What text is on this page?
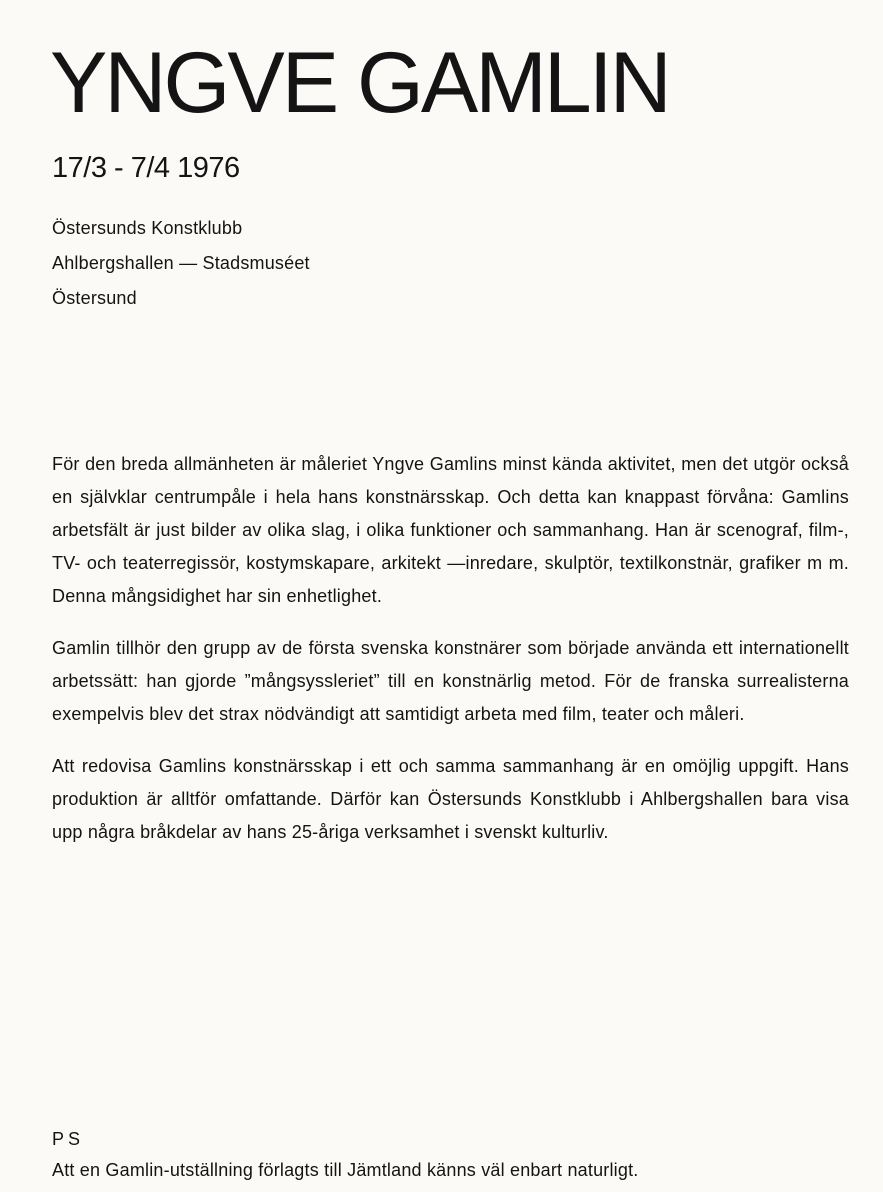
YNGVE GAMLIN
17/3 - 7/4 1976
Östersunds Konstklubb
Ahlbergshallen — Stadsmuséet
Östersund

För den breda allmänheten är måleriet Yngve Gamlins minst kända aktivitet, men det utgör också en självklar centrumpåle i hela hans konstnärsskap. Och detta kan knappast förvåna: Gamlins arbetsfält är just bilder av olika slag, i olika funktioner och sammanhang. Han är scenograf, film-, TV- och teaterregissör, kostymskapare, arkitekt —inredare, skulptör, textilkonstnär, grafiker m m. Denna mångsidighet har sin enhetlighet.

Gamlin tillhör den grupp av de första svenska konstnärer som började använda ett internationellt arbetssätt: han gjorde ”mångsyssleriet” till en konstnärlig metod. För de franska surrealisterna exempelvis blev det strax nödvändigt att samtidigt arbeta med film, teater och måleri.

Att redovisa Gamlins konstnärsskap i ett och samma sammanhang är en omöjlig uppgift. Hans produktion är alltför omfattande. Därför kan Östersunds Konstklubb i Ahlbergshallen bara visa upp några bråkdelar av hans 25-åriga verksamhet i svenskt kulturliv.

PS
Att en Gamlin-utställning förlagts till Jämtland känns väl enbart naturligt.
